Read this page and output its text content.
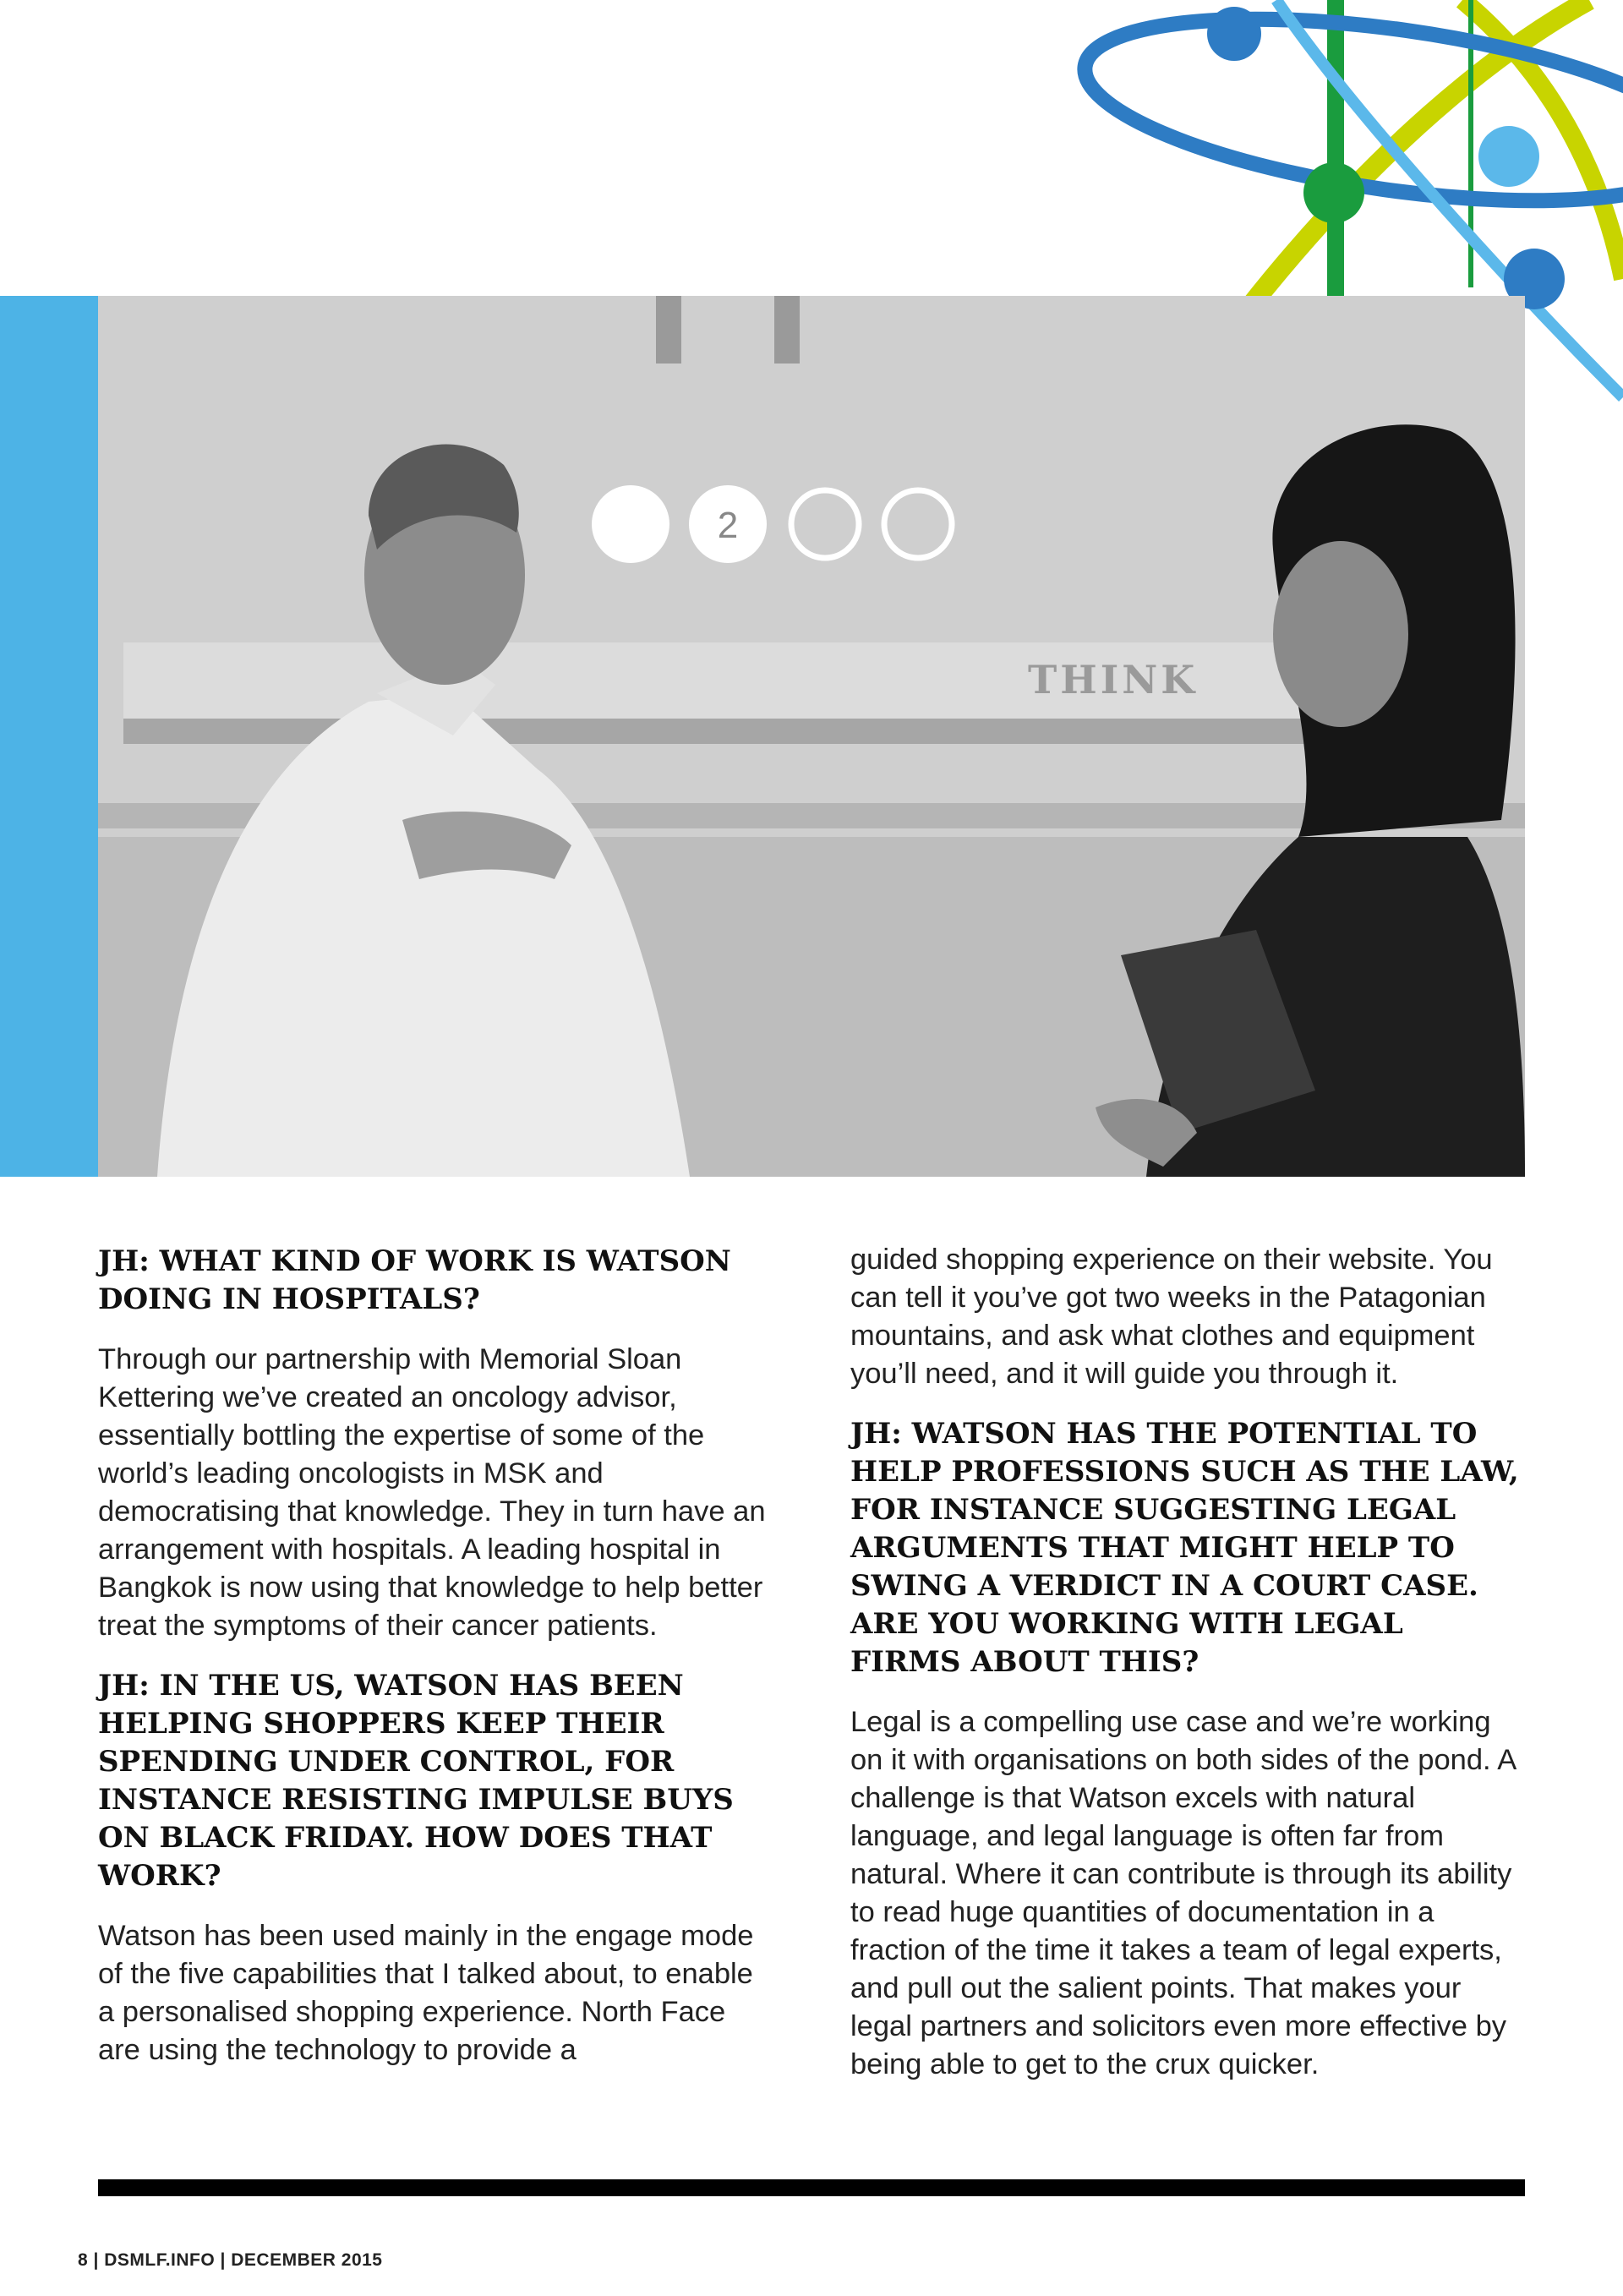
2
THINK

JH: WHAT KIND OF WORK IS WATSON DOING IN HOSPITALS?

Through our partnership with Memorial Sloan Kettering we’ve created an oncology advisor, essentially bottling the expertise of some of the world’s leading oncologists in MSK and democratising that knowledge. They in turn have an arrangement with hospitals. A leading hospital in Bangkok is now using that knowledge to help better treat the symptoms of their cancer patients.

JH: IN THE US, WATSON HAS BEEN HELPING SHOPPERS KEEP THEIR SPENDING UNDER CONTROL, FOR INSTANCE RESISTING IMPULSE BUYS ON BLACK FRIDAY. HOW DOES THAT WORK?

Watson has been used mainly in the engage mode of the five capabilities that I talked about, to enable a personalised shopping experience. North Face are using the technology to provide a

guided shopping experience on their website. You can tell it you’ve got two weeks in the Patagonian mountains, and ask what clothes and equipment you’ll need, and it will guide you through it.

JH: WATSON HAS THE POTENTIAL TO HELP PROFESSIONS SUCH AS THE LAW, FOR INSTANCE SUGGESTING LEGAL ARGUMENTS THAT MIGHT HELP TO SWING A VERDICT IN A COURT CASE. ARE YOU WORKING WITH LEGAL FIRMS ABOUT THIS?

Legal is a compelling use case and we’re working on it with organisations on both sides of the pond. A challenge is that Watson excels with natural language, and legal language is often far from natural. Where it can contribute is through its ability to read huge quantities of documentation in a fraction of the time it takes a team of legal experts, and pull out the salient points. That makes your legal partners and solicitors even more effective by being able to get to the crux quicker.

8 | DSMLF.INFO | DECEMBER 2015
